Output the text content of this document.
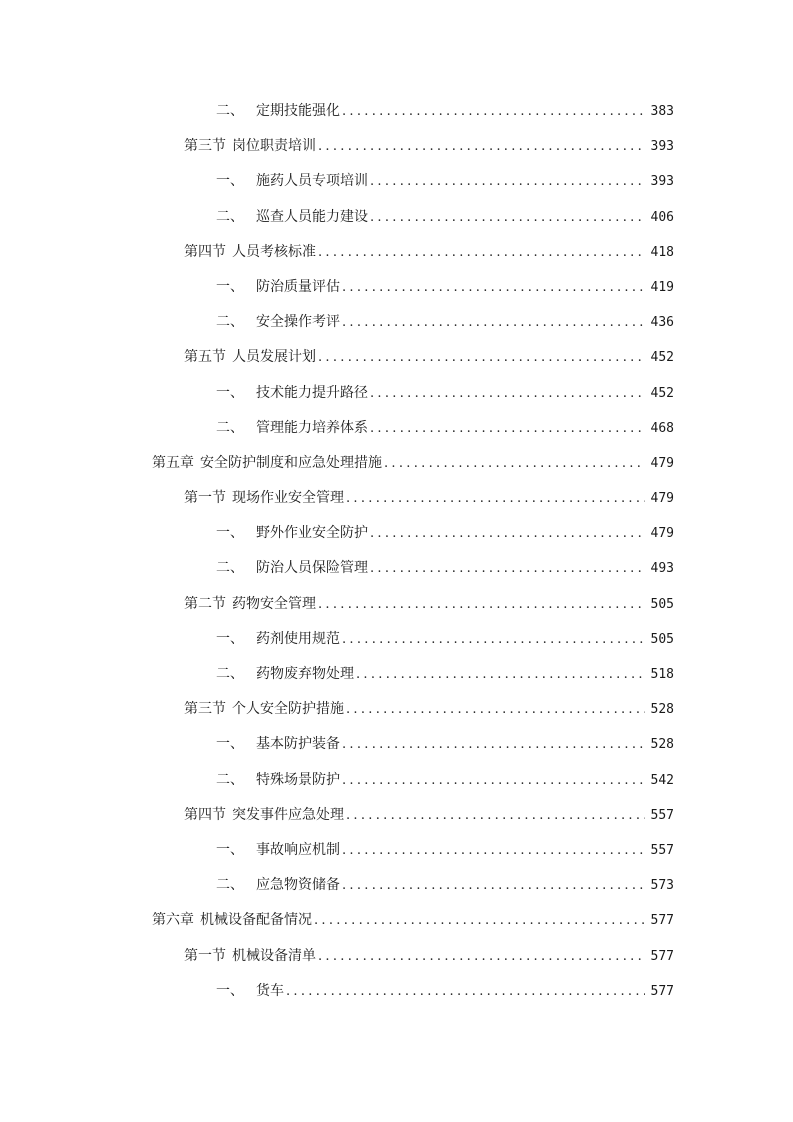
二、 定期技能强化 .....	383
第三节 岗位职责培训 .....	393
一、 施药人员专项培训 .....	393
二、 巡查人员能力建设 .....	406
第四节 人员考核标准 .....	418
一、 防治质量评估 .....	419
二、 安全操作考评 .....	436
第五节 人员发展计划 .....	452
一、 技术能力提升路径 .....	452
二、 管理能力培养体系 .....	468
第五章 安全防护制度和应急处理措施 .....	479
第一节 现场作业安全管理 .....	479
一、 野外作业安全防护 .....	479
二、 防治人员保险管理 .....	493
第二节 药物安全管理 .....	505
一、 药剂使用规范 .....	505
二、 药物废弃物处理 .....	518
第三节 个人安全防护措施 .....	528
一、 基本防护装备 .....	528
二、 特殊场景防护 .....	542
第四节 突发事件应急处理 .....	557
一、 事故响应机制 .....	557
二、 应急物资储备 .....	573
第六章 机械设备配备情况 .....	577
第一节 机械设备清单 .....	577
一、 货车 .....	577
